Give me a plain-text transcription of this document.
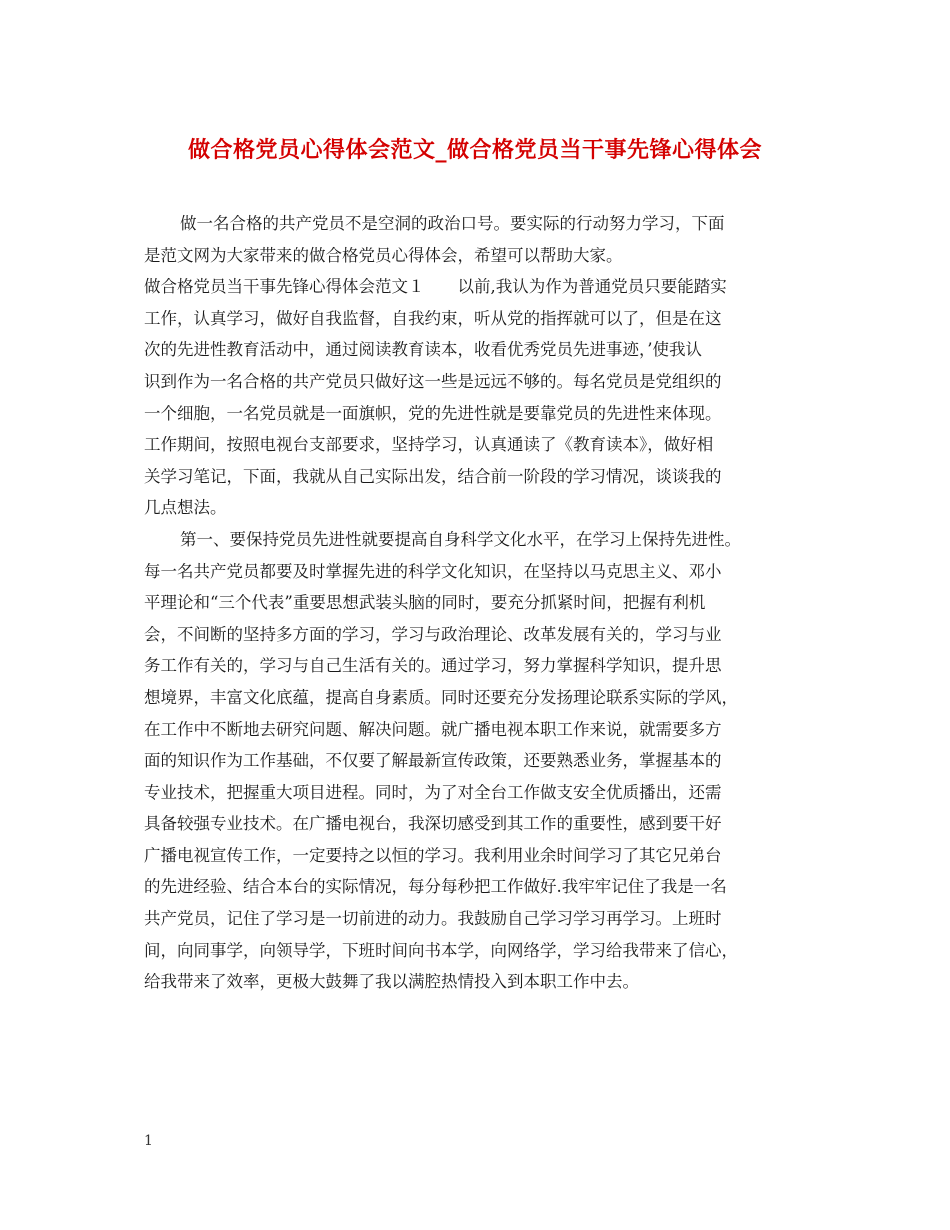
做合格党员心得体会范文_做合格党员当干事先锋心得体会
做一名合格的共产党员不是空洞的政治口号。要实际的行动努力学习，下面
是范文网为大家带来的做合格党员心得体会，希望可以帮助大家。
做合格党员当干事先锋心得体会范文１　　以前,我认为作为普通党员只要能踏实
工作，认真学习，做好自我监督，自我约束，听从党的指挥就可以了，但是在这
次的先进性教育活动中，通过阅读教育读本，收看优秀党员先进事迹，’使我认
识到作为一名合格的共产党员只做好这一些是远远不够的。每名党员是党组织的
一个细胞，一名党员就是一面旗帜，党的先进性就是要靠党员的先进性来体现。
工作期间，按照电视台支部要求，坚持学习，认真通读了《教育读本》，做好相
关学习笔记，下面，我就从自己实际出发，结合前一阶段的学习情况，谈谈我的
几点想法。
第一、要保持党员先进性就要提高自身科学文化水平，在学习上保持先进性。
每一名共产党员都要及时掌握先进的科学文化知识，在坚持以马克思主义、邓小
平理论和“三个代表”重要思想武装头脑的同时，要充分抓紧时间，把握有利机
会，不间断的坚持多方面的学习，学习与政治理论、改革发展有关的，学习与业
务工作有关的，学习与自己生活有关的。通过学习，努力掌握科学知识，提升思
想境界，丰富文化底蕴，提高自身素质。同时还要充分发扬理论联系实际的学风，
在工作中不断地去研究问题、解决问题。就广播电视本职工作来说，就需要多方
面的知识作为工作基础，不仅要了解最新宣传政策，还要熟悉业务，掌握基本的
专业技术，把握重大项目进程。同时，为了对全台工作做支安全优质播出，还需
具备较强专业技术。在广播电视台，我深切感受到其工作的重要性，感到要干好
广播电视宣传工作，一定要持之以恒的学习。我利用业余时间学习了其它兄弟台
的先进经验、结合本台的实际情况，每分每秒把工作做好.我牢牢记住了我是一名
共产党员，记住了学习是一切前进的动力。我鼓励自己学习学习再学习。上班时
间，向同事学，向领导学，下班时间向书本学，向网络学，学习给我带来了信心，
给我带来了效率，更极大鼓舞了我以满腔热情投入到本职工作中去。
1
